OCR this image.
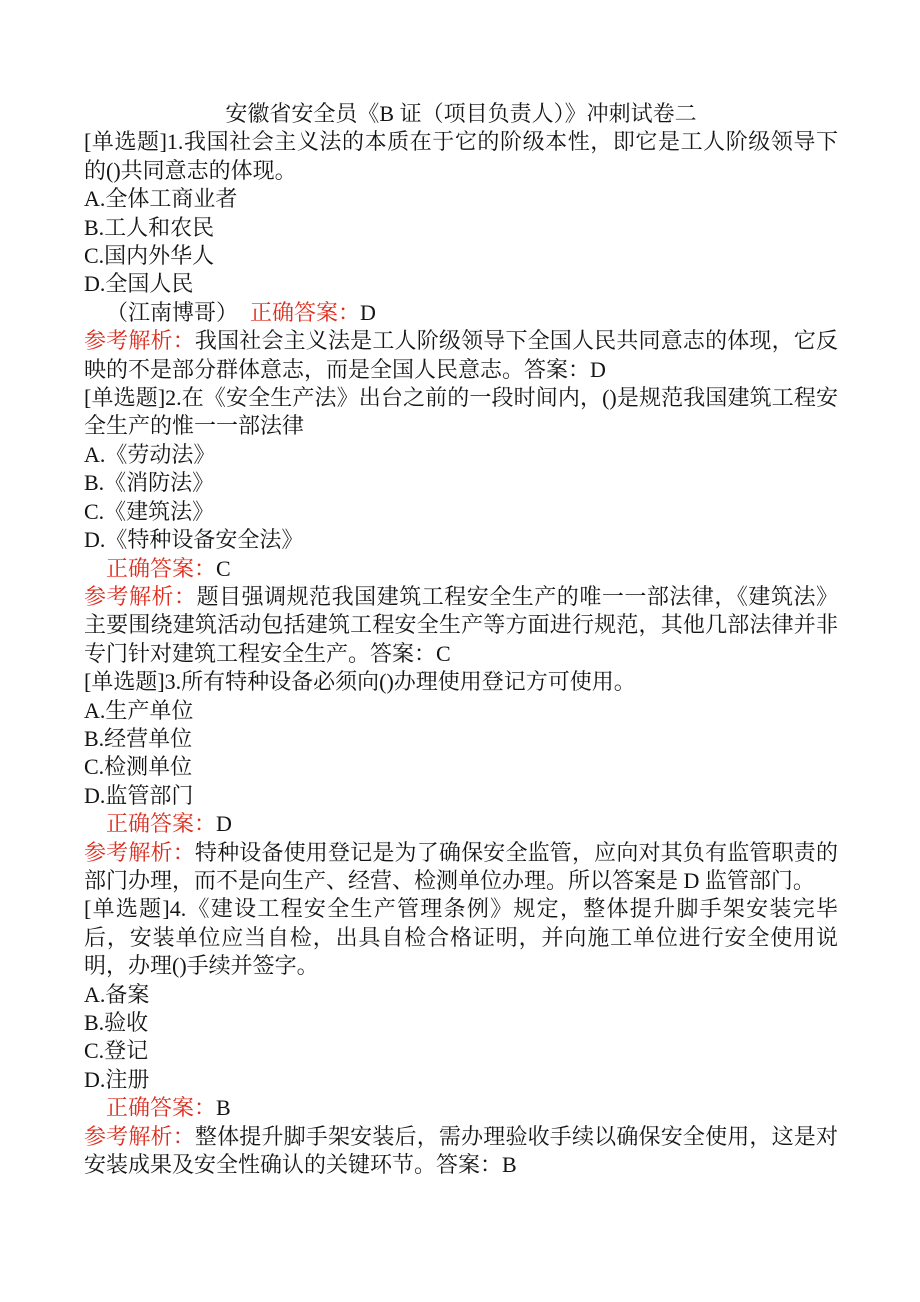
安徽省安全员《B 证（项目负责人）》冲刺试卷二

[单选题]1.我国社会主义法的本质在于它的阶级本性，即它是工人阶级领导下的()共同意志的体现。

A.全体工商业者

B.工人和农民

C.国内外华人

D.全国人民

（江南博哥） 正确答案：D

参考解析：我国社会主义法是工人阶级领导下全国人民共同意志的体现，它反映的不是部分群体意志，而是全国人民意志。答案：D

[单选题]2.在《安全生产法》出台之前的一段时间内，()是规范我国建筑工程安全生产的惟一一部法律

A.《劳动法》

B.《消防法》

C.《建筑法》

D.《特种设备安全法》

正确答案：C

参考解析：题目强调规范我国建筑工程安全生产的唯一一部法律，《建筑法》主要围绕建筑活动包括建筑工程安全生产等方面进行规范，其他几部法律并非专门针对建筑工程安全生产。答案：C

[单选题]3.所有特种设备必须向()办理使用登记方可使用。

A.生产单位

B.经营单位

C.检测单位

D.监管部门

正确答案：D

参考解析：特种设备使用登记是为了确保安全监管，应向对其负有监管职责的部门办理，而不是向生产、经营、检测单位办理。所以答案是 D 监管部门。

[单选题]4.《建设工程安全生产管理条例》规定，整体提升脚手架安装完毕后，安装单位应当自检，出具自检合格证明，并向施工单位进行安全使用说明，办理()手续并签字。

A.备案

B.验收

C.登记

D.注册

正确答案：B

参考解析：整体提升脚手架安装后，需办理验收手续以确保安全使用，这是对安装成果及安全性确认的关键环节。答案：B
